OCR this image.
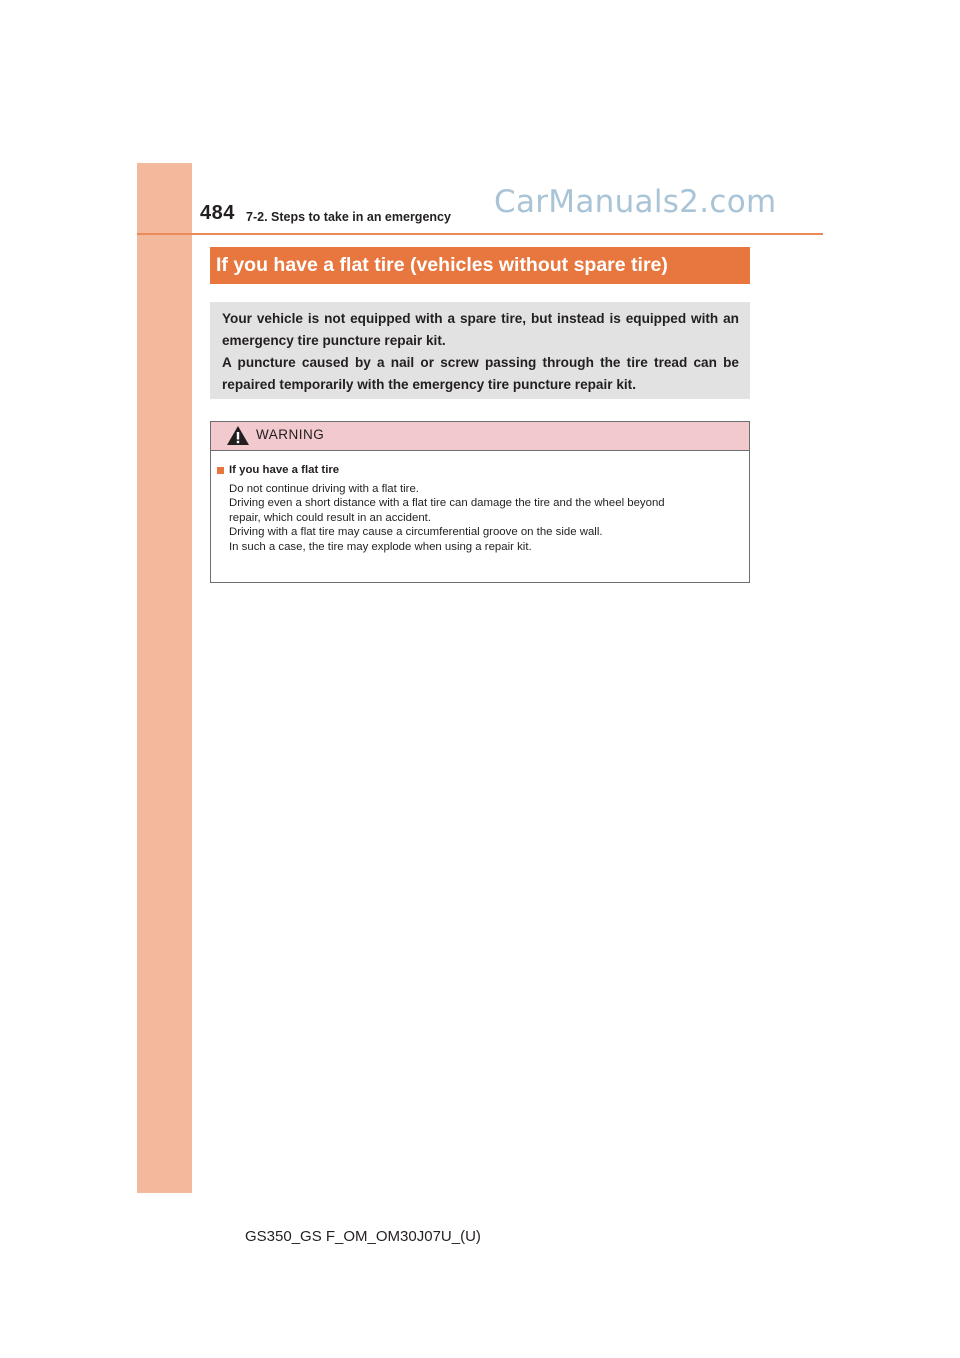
484 7-2. Steps to take in an emergency CarManuals2.com
If you have a flat tire (vehicles without spare tire)

Your vehicle is not equipped with a spare tire, but instead is equipped with an emergency tire puncture repair kit.

A puncture caused by a nail or screw passing through the tire tread can be repaired temporarily with the emergency tire puncture repair kit.

WARNING
If you have a flat tire
Do not continue driving with a flat tire.
Driving even a short distance with a flat tire can damage the tire and the wheel beyond
repair, which could result in an accident.
Driving with a flat tire may cause a circumferential groove on the side wall.
In such a case, the tire may explode when using a repair kit.
GS350_GS F_OM_OM30J07U_(U)
